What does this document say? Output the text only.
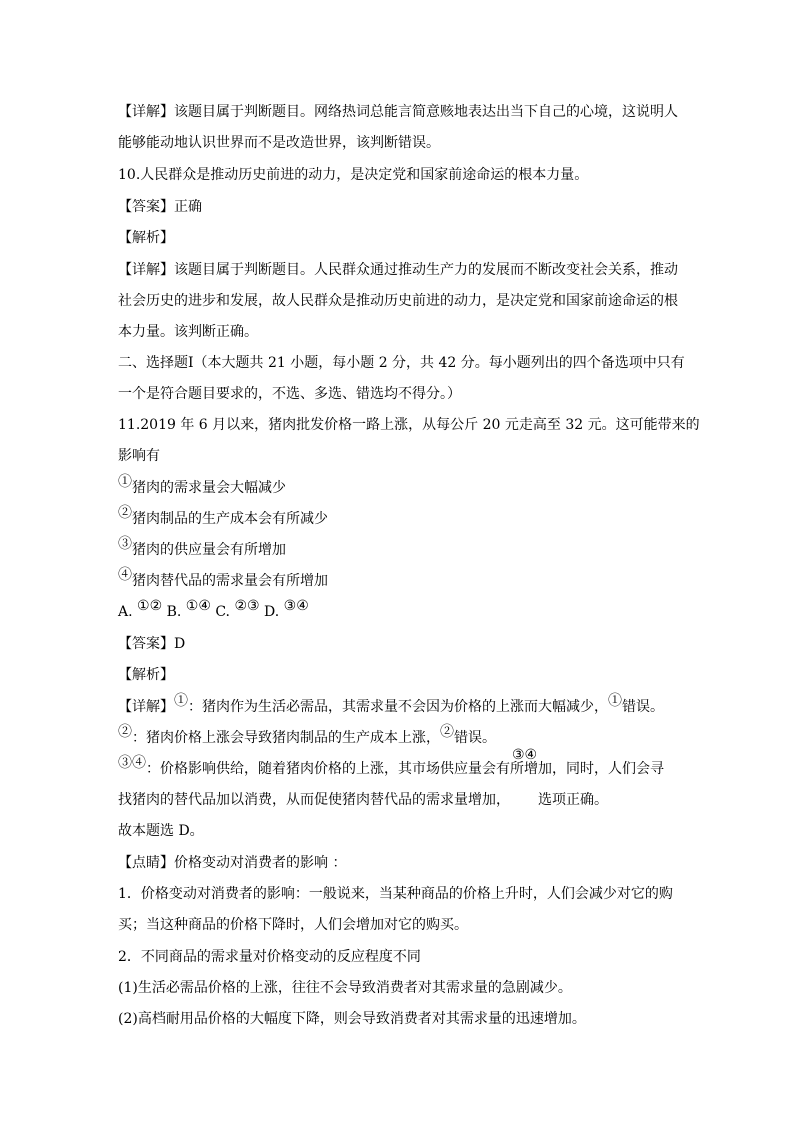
【详解】该题目属于判断题目。网络热词总能言简意赅地表达出当下自己的心境，这说明人
能够能动地认识世界而不是改造世界，该判断错误。
10.人民群众是推动历史前进的动力，是决定党和国家前途命运的根本力量。
【答案】正确
【解析】
【详解】该题目属于判断题目。人民群众通过推动生产力的发展而不断改变社会关系，推动
社会历史的进步和发展，故人民群众是推动历史前进的动力，是决定党和国家前途命运的根
本力量。该判断正确。
二、选择题Ⅰ（本大题共 21 小题，每小题 2 分，共 42 分。每小题列出的四个备选项中只有
一个是符合题目要求的，不选、多选、错选均不得分。）
11.2019 年 6 月以来，猪肉批发价格一路上涨，从每公斤 20 元走高至 32 元。这可能带来的
影响有
①猪肉的需求量会大幅减少
②猪肉制品的生产成本会有所减少
③猪肉的供应量会有所增加
④猪肉替代品的需求量会有所增加
A. ①② B. ①④ C. ②③ D. ③④
【答案】D
【解析】
【详解】①：猪肉作为生活必需品，其需求量不会因为价格的上涨而大幅减少，①错误。
②：猪肉价格上涨会导致猪肉制品的生产成本上涨，②错误。
③④：价格影响供给，随着猪肉价格的上涨，其市场供应量会有所增加，同时，人们会寻
③④
找猪肉的替代品加以消费，从而促使猪肉替代品的需求量增加， 选项正确。
故本题选 D。
【点睛】价格变动对消费者的影响 ：
1．价格变动对消费者的影响：一般说来，当某种商品的价格上升时，人们会减少对它的购
买；当这种商品的价格下降时，人们会增加对它的购买。
2．不同商品的需求量对价格变动的反应程度不同
(1)生活必需品价格的上涨，往往不会导致消费者对其需求量的急剧减少。
(2)高档耐用品价格的大幅度下降，则会导致消费者对其需求量的迅速增加。
